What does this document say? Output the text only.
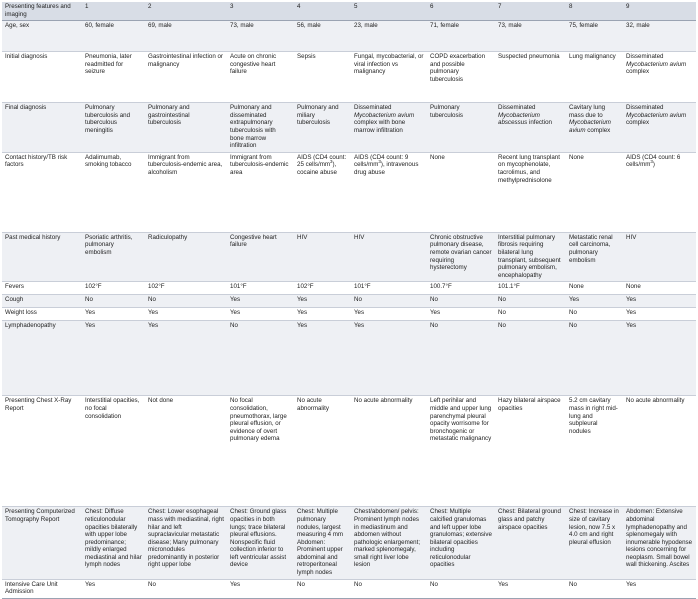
Presenting features and imaging	1	2	3	4	5	6	7	8	9
Age, sex	60, female	69, male	73, male	56, male	23, male	71, female	73, male	75, female	32, male
Initial diagnosis	Pneumonia, later readmitted for seizure	Gastrointestinal infection or malignancy	Acute on chronic congestive heart failure	Sepsis	Fungal, mycobacterial, or viral infection vs malignancy	COPD exacerbation and possible pulmonary tuberculosis	Suspected pneumonia	Lung malignancy	Disseminated Mycobacterium avium complex
Final diagnosis	Pulmonary tuberculosis and tuberculous meningitis	Pulmonary and gastrointestinal tuberculosis	Pulmonary and disseminated extrapulmonary tuberculosis with bone marrow infiltration	Pulmonary and miliary tuberculosis	Disseminated Mycobacterium avium complex with bone marrow infiltration	Pulmonary tuberculosis	Disseminated Mycobacterium abscessus infection	Cavitary lung mass due to Mycobacterium avium complex	Disseminated Mycobacterium avium complex
Contact history/TB risk factors	Adalimumab, smoking tobacco	Immigrant from tuberculosis-endemic area, alcoholism	Immigrant from tuberculosis-endemic area	AIDS (CD4 count: 25 cells/$mm^3$), cocaine abuse	AIDS (CD4 count: 9 cells/$mm^3$), intravenous drug abuse	None	Recent lung transplant on mycophenolate, tacrolimus, and methylprednisolone	None	AIDS (CD4 count: 6 cells/$mm^3$)
Past medical history	Psoriatic arthritis, pulmonary embolism	Radiculopathy	Congestive heart failure	HIV	HIV	Chronic obstructive pulmonary disease, remote ovarian cancer requiring hysterectomy	Interstitial pulmonary fibrosis requiring bilateral lung transplant, subsequent pulmonary embolism, encephalopathy	Metastatic renal cell carcinoma, pulmonary embolism	HIV
Fevers	102°F	102°F	101°F	102°F	101°F	100.7°F	101.1°F	None	None
Cough	No	No	Yes	Yes	No	No	No	Yes	Yes
Weight loss	Yes	Yes	Yes	Yes	Yes	Yes	No	No	Yes
Lymphadenopathy	Yes	Yes	No	Yes	Yes	No	No	No	Yes
Presenting Chest X-Ray Report	Interstitial opacities, no focal consolidation	Not done	No focal consolidation, pneumothorax, large pleural effusion, or evidence of overt pulmonary edema	No acute abnormality	No acute abnormality	Left perihilar and middle and upper lung parenchymal pleural opacity worrisome for bronchogenic or metastatic malignancy	Hazy bilateral airspace opacities	5.2 cm cavitary mass in right mid-lung and subpleural nodules	No acute abnormality
Presenting Computerized Tomography Report	Chest: Diffuse reticulonodular opacities bilaterally with upper lobe predominance; mildly enlarged mediastinal and hilar lymph nodes	Chest: Lower esophageal mass with mediastinal, right hilar and left supraclavicular metastatic disease; Many pulmonary micronodules predominantly in posterior right upper lobe	Chest: Ground glass opacities in both lungs; trace bilateral pleural effusions. Nonspecific fluid collection inferior to left ventricular assist device	Chest: Multiple pulmonary nodules, largest measuring 4 mm Abdomen: Prominent upper abdominal and retroperitoneal lymph nodes	Chest/abdomen/ pelvis: Prominent lymph nodes in mediastinum and abdomen without pathologic enlargement; marked splenomegaly, small right liver lobe lesion	Chest: Multiple calcified granulomas and left upper lobe granulomas; extensive bilateral opacities including reticulonodular opacities	Chest: Bilateral ground glass and patchy airspace opacities	Chest: Increase in size of cavitary lesion, now 7.5 x 4.0 cm and right pleural effusion	Abdomen: Extensive abdominal lymphadenopathy and splenomegaly with innumerable hypodense lesions concerning for neoplasm. Small bowel wall thickening. Ascites
Intensive Care Unit Admission	Yes	No	Yes	No	No	No	Yes	No	Yes
